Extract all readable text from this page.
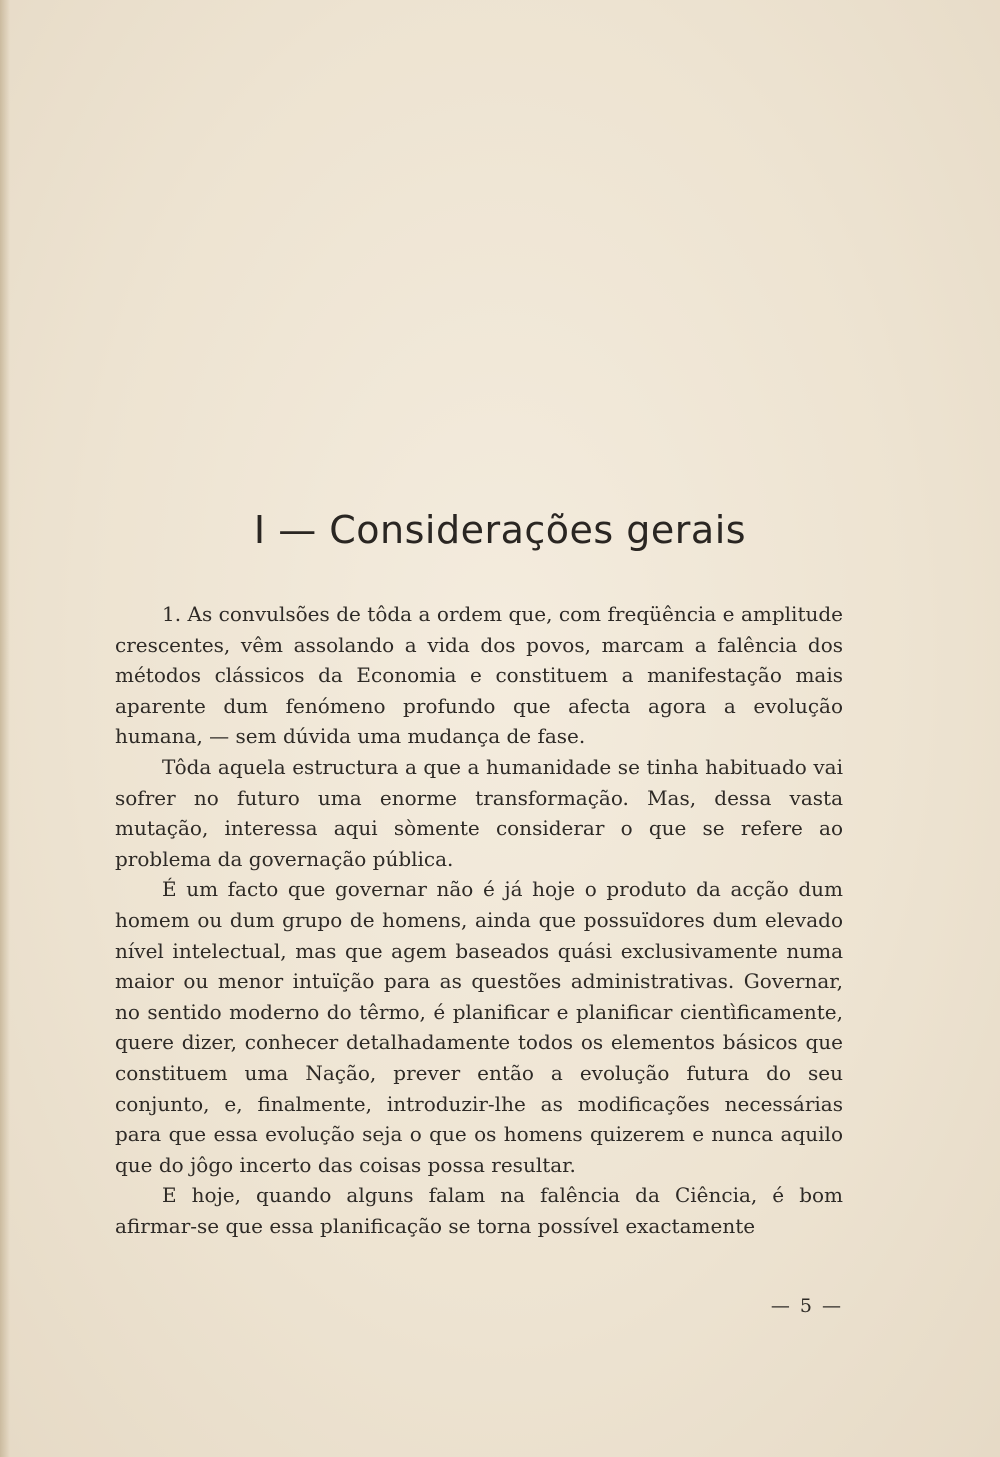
I — Considerações gerais

1. As convulsões de tôda a ordem que, com freqüência e amplitude crescentes, vêm assolando a vida dos povos, marcam a falência dos métodos clássicos da Economia e constituem a manifestação mais aparente dum fenómeno profundo que afecta agora a evolução humana, — sem dúvida uma mudança de fase.

Tôda aquela estructura a que a humanidade se tinha habituado vai sofrer no futuro uma enorme transformação. Mas, dessa vasta mutação, interessa aqui sòmente considerar o que se refere ao problema da governação pública.

É um facto que governar não é já hoje o produto da acção dum homem ou dum grupo de homens, ainda que possuïdores dum elevado nível intelectual, mas que agem baseados quási exclusivamente numa maior ou menor intuïção para as questões administrativas. Governar, no sentido moderno do têrmo, é planificar e planificar cientìficamente, quere dizer, conhecer detalhadamente todos os elementos básicos que constituem uma Nação, prever então a evolução futura do seu conjunto, e, finalmente, introduzir-lhe as modificações necessárias para que essa evolução seja o que os homens quizerem e nunca aquilo que do jôgo incerto das coisas possa resultar.

E hoje, quando alguns falam na falência da Ciência, é bom afirmar-se que essa planificação se torna possível exactamente

— 5 —
